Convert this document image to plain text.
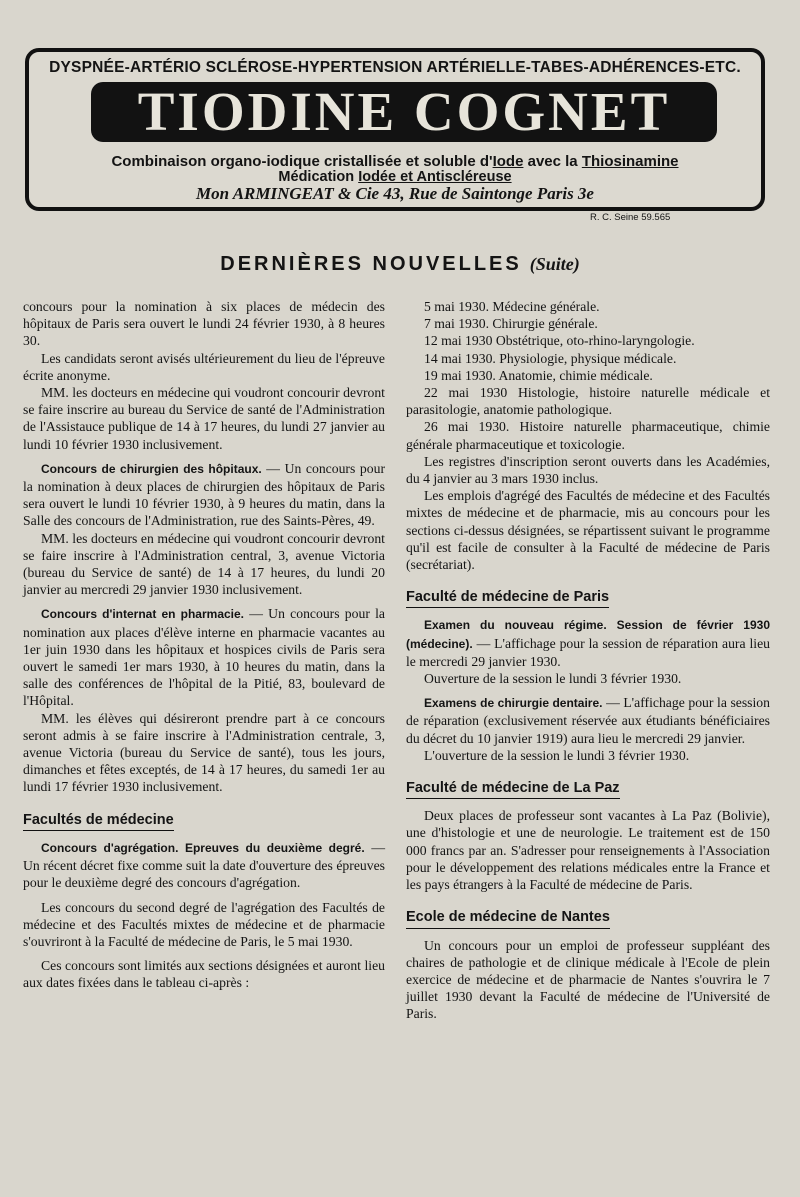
DYSPNÉE-ARTÉRIO SCLÉROSE-HYPERTENSION ARTÉRIELLE-TABES-ADHÉRENCES-ETC.
TIODINE COGNET
Combinaison organo-iodique cristallisée et soluble d'Iode avec la Thiosinamine
Médication Iodée et Antiscléreuse
Mon ARMINGEAT & Cie 43, Rue de Saintonge Paris 3e
R. C. Seine 59.565
DERNIÈRES NOUVELLES (Suite)

concours pour la nomination à six places de médecin des hôpitaux de Paris sera ouvert le lundi 24 février 1930, à 8 heures 30.

Les candidats seront avisés ultérieurement du lieu de l'épreuve écrite anonyme.

MM. les docteurs en médecine qui voudront concourir devront se faire inscrire au bureau du Service de santé de l'Administration de l'Assistauce publique de 14 à 17 heures, du lundi 27 janvier au lundi 10 février 1930 inclusivement.

Concours de chirurgien des hôpitaux. — Un concours pour la nomination à deux places de chirurgien des hôpitaux de Paris sera ouvert le lundi 10 février 1930, à 9 heures du matin, dans la Salle des concours de l'Administration, rue des Saints-Pères, 49.

MM. les docteurs en médecine qui voudront concourir devront se faire inscrire à l'Administration central, 3, avenue Victoria (bureau du Service de santé) de 14 à 17 heures, du lundi 20 janvier au mercredi 29 janvier 1930 inclusivement.

Concours d'internat en pharmacie. — Un concours pour la nomination aux places d'élève interne en pharmacie vacantes au 1er juin 1930 dans les hôpitaux et hospices civils de Paris sera ouvert le samedi 1er mars 1930, à 10 heures du matin, dans la salle des conférences de l'hôpital de la Pitié, 83, boulevard de l'Hôpital.

MM. les élèves qui désireront prendre part à ce concours seront admis à se faire inscrire à l'Administration centrale, 3, avenue Victoria (bureau du Service de santé), tous les jours, dimanches et fêtes exceptés, de 14 à 17 heures, du samedi 1er au lundi 17 février 1930 inclusivement.

Facultés de médecine

Concours d'agrégation. Epreuves du deuxième degré. — Un récent décret fixe comme suit la date d'ouverture des épreuves pour le deuxième degré des concours d'agrégation.

Les concours du second degré de l'agrégation des Facultés de médecine et des Facultés mixtes de médecine et de pharmacie s'ouvriront à la Faculté de médecine de Paris, le 5 mai 1930.

Ces concours sont limités aux sections désignées et auront lieu aux dates fixées dans le tableau ci-après :

5 mai 1930. Médecine générale.

7 mai 1930. Chirurgie générale.

12 mai 1930 Obstétrique, oto-rhino-laryngologie.

14 mai 1930. Physiologie, physique médicale.

19 mai 1930. Anatomie, chimie médicale.

22 mai 1930 Histologie, histoire naturelle médicale et parasitologie, anatomie pathologique.

26 mai 1930. Histoire naturelle pharmaceutique, chimie générale pharmaceutique et toxicologie.

Les registres d'inscription seront ouverts dans les Académies, du 4 janvier au 3 mars 1930 inclus.

Les emplois d'agrégé des Facultés de médecine et des Facultés mixtes de médecine et de pharmacie, mis au concours pour les sections ci-dessus désignées, se répartissent suivant le programme qu'il est facile de consulter à la Faculté de médecine de Paris (secrétariat).

Faculté de médecine de Paris

Examen du nouveau régime. Session de février 1930 (médecine). — L'affichage pour la session de réparation aura lieu le mercredi 29 janvier 1930.

Ouverture de la session le lundi 3 février 1930.

Examens de chirurgie dentaire. — L'affichage pour la session de réparation (exclusivement réservée aux étudiants bénéficiaires du décret du 10 janvier 1919) aura lieu le mercredi 29 janvier.

L'ouverture de la session le lundi 3 février 1930.

Faculté de médecine de La Paz

Deux places de professeur sont vacantes à La Paz (Bolivie), une d'histologie et une de neurologie. Le traitement est de 150 000 francs par an. S'adresser pour renseignements à l'Association pour le développement des relations médicales entre la France et les pays étrangers à la Faculté de médecine de Paris.

Ecole de médecine de Nantes

Un concours pour un emploi de professeur suppléant des chaires de pathologie et de clinique médicale à l'Ecole de plein exercice de médecine et de pharmacie de Nantes s'ouvrira le 7 juillet 1930 devant la Faculté de médecine de l'Université de Paris.
